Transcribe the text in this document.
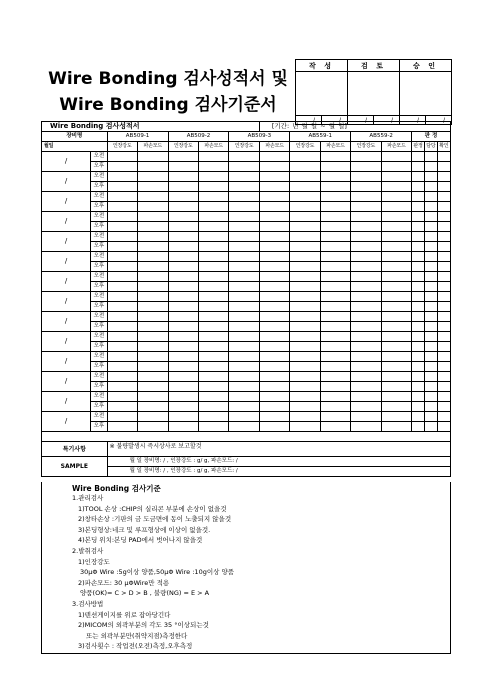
Wire Bonding 검사성적서 및
Wire Bonding 검사기준서
작 성		검 토		승 인	

/	/	/	/	/	/
Wire Bonding 검사성적서							[기간: 년 월 일 ~ 월 일]							
장비명		AB509-1		AB509-2		AB509-3		AB559-1		AB559-2		판 정		
월일		인장강도	파손모드	인장강도	파손모드	인장강도	파손모드	인장강도	파손모드	인장강도	파손모드	판정	담당	확인
/	오전													
	오후													
/	오전													
	오후													
/	오전													
	오후													
/	오전													
	오후													
/	오전													
	오후													
/	오전													
	오후													
/	오전													
	오후													
/	오전													
	오후													
/	오전													
	오후													
/	오전													
	오후													
/	오전													
	오후													
/	오전													
	오후													
/	오전													
	오후													
/	오전													
	오후													

특기사항		※ 불량발생시 즉시상사로 보고할것												
SAMPLE		월 일 장비명: / , 인장강도 : g/ g, 파손모드: /												
		월 일 장비명: / , 인장강도 : g/ g, 파손모드: /												
Wire Bonding 검사기준
1.관리검사
1)TOOL 손상 :CHIP의 실리콘 부분에 손상이 없을것
2)창타손상 :기판의 금 도금면에 동이 노출되지 않을것
3)본딩형상:네크 및 루프형상에 이상이 없을것.
4)본딩 위치:본딩 PAD에서 벗어나지 않을것
2.발취검사
1)인장강도
30μΦ Wire :5g이상 양품,50μΦ Wire :10g이상 양품
2)파손모드: 30 μΦWire만 적용
양품(OK)= C > D > B , 불량(NG) = E > A
3.검사방법
1)텐션게이지를 위로 잡아당긴다
2)MICOM의 외곽부분의 각도 35 °이상되는것
또는 외곽부분만(취약지점)측정한다
3)검사횟수 : 작업전(오전)측정,오후측정
